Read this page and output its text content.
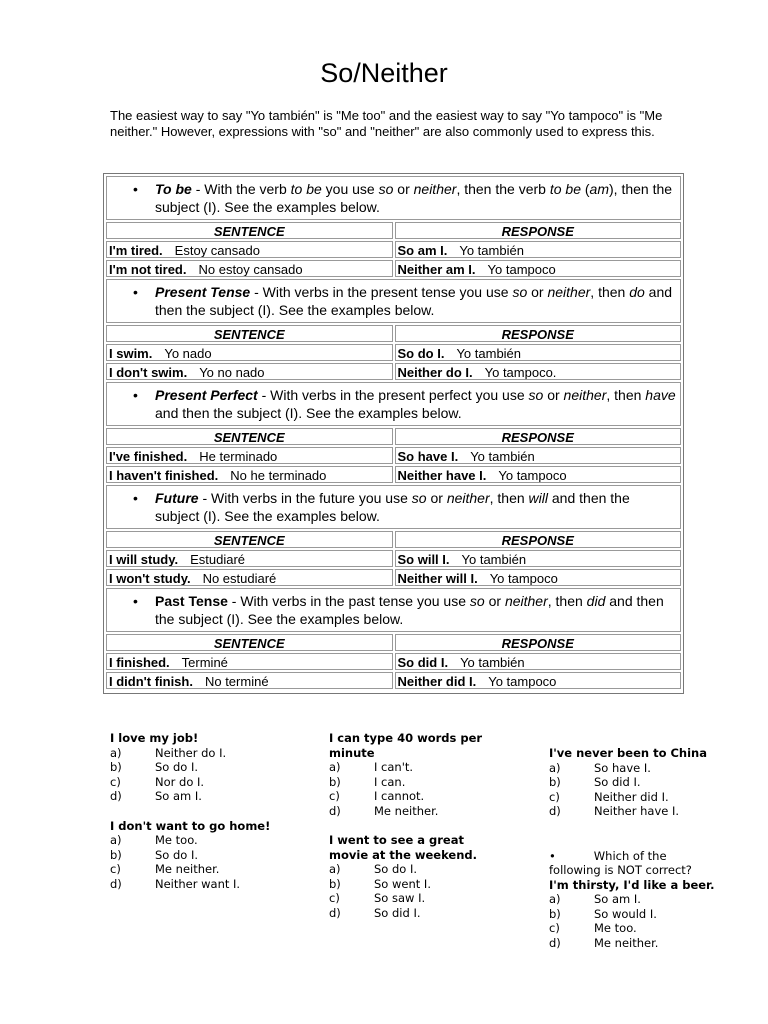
So/Neither
The easiest way to say "Yo también" is "Me too" and the easiest way to say "Yo tampoco" is "Me neither." However, expressions with "so" and "neither" are also commonly used to express this.
• To be - With the verb to be you use so or neither, then the verb to be (am), then the subject (I). See the examples below.
SENTENCE	RESPONSE
I'm tired. Estoy cansado	So am I. Yo también
I'm not tired. No estoy cansado	Neither am I. Yo tampoco
• Present Tense - With verbs in the present tense you use so or neither, then do and then the subject (I). See the examples below.
SENTENCE	RESPONSE
I swim. Yo nado	So do I. Yo también
I don't swim. Yo no nado	Neither do I. Yo tampoco.
• Present Perfect - With verbs in the present perfect you use so or neither, then have and then the subject (I). See the examples below.
SENTENCE	RESPONSE
I've finished. He terminado	So have I. Yo también
I haven't finished. No he terminado	Neither have I. Yo tampoco
• Future - With verbs in the future you use so or neither, then will and then the subject (I). See the examples below.
SENTENCE	RESPONSE
I will study. Estudiaré	So will I. Yo también
I won't study. No estudiaré	Neither will I. Yo tampoco
• Past Tense - With verbs in the past tense you use so or neither, then did and then the subject (I). See the examples below.
SENTENCE	RESPONSE
I finished. Terminé	So did I. Yo también
I didn't finish. No terminé	Neither did I. Yo tampoco
I love my job!
a)	Neither do I.
b)	So do I.
c)	Nor do I.
d)	So am I.
I don't want to go home!
a)	Me too.
b)	So do I.
c)	Me neither.
d)	Neither want I.
I can type 40 words per minute
a)	I can't.
b)	I can.
c)	I cannot.
d)	Me neither.
I went to see a great movie at the weekend.
a)	So do I.
b)	So went I.
c)	So saw I.
d)	So did I.
I've never been to China
a)	So have I.
b)	So did I.
c)	Neither did I.
d)	Neither have I.
•	Which of the following is NOT correct?
I'm thirsty, I'd like a beer.
a)	So am I.
b)	So would I.
c)	Me too.
d)	Me neither.
